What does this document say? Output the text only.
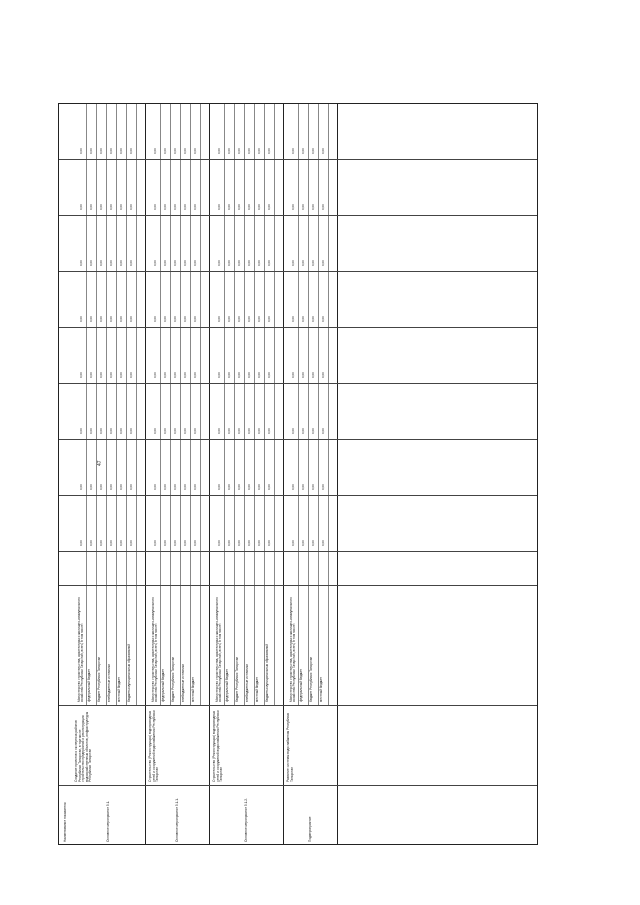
47
Наименование показателя	Основное мероприятие 5.1.
Создание проектов и экспертиза районов Республики Татарстан, в том числе строительство предприятий и реконструкция водохозяйственных объектов, инфраструктуры Республики Татарстан
Министерство строительства, архитектуры и жилищно-коммунального хозяйства Республики Татарстан, всего, в том числе:
0,00
0,00
0,00
0,00
0,00
0,00
0,00
0,00
федеральный бюджет
0,00
0,00
0,00
0,00
0,00
0,00
0,00
0,00
бюджет Республики Татарстан
0,00
0,00
0,00
0,00
0,00
0,00
0,00
0,00
внебюджетные источники
0,00
0,00
0,00
0,00
0,00
0,00
0,00
0,00
местный бюджет
0,00
0,00
0,00
0,00
0,00
0,00
0,00
0,00
бюджеты муниципальных образований
0,00
0,00
0,00
0,00
0,00
0,00
0,00
0,00
Основное мероприятие 5.1.1.
Строительство (Реконструкция) водопроводных сетей и сооружений водоснабжения Республики Татарстан
Министерство строительства, архитектуры и жилищно-коммунального хозяйства Республики Татарстан, всего, в том числе:
0,00
0,00
0,00
0,00
0,00
0,00
0,00
0,00
федеральный бюджет
0,00
0,00
0,00
0,00
0,00
0,00
0,00
0,00
бюджет Республики Татарстан
0,00
0,00
0,00
0,00
0,00
0,00
0,00
0,00
внебюджетные источники
0,00
0,00
0,00
0,00
0,00
0,00
0,00
0,00
местный бюджет
0,00
0,00
0,00
0,00
0,00
0,00
0,00
0,00
Основное мероприятие 5.1.2.
Строительство (Реконструкция) водопроводных сетей и сооружений водоснабжения Республики Татарстан
Министерство строительства, архитектуры и жилищно-коммунального хозяйства Республики Татарстан, всего, в том числе:
0,00
0,00
0,00
0,00
0,00
0,00
0,00
0,00
федеральный бюджет
0,00
0,00
0,00
0,00
0,00
0,00
0,00
0,00
бюджет Республики Татарстан
0,00
0,00
0,00
0,00
0,00
0,00
0,00
0,00
внебюджетные источники
0,00
0,00
0,00
0,00
0,00
0,00
0,00
0,00
местный бюджет
0,00
0,00
0,00
0,00
0,00
0,00
0,00
0,00
бюджеты муниципальных образований
0,00
0,00
0,00
0,00
0,00
0,00
0,00
0,00
Подмероприятие
Развитие системы водоснабжения Республики Татарстан
Министерство строительства, архитектуры и жилищно-коммунального хозяйства Республики Татарстан, всего, в том числе:
0,00
0,00
0,00
0,00
0,00
0,00
0,00
0,00
федеральный бюджет
0,00
0,00
0,00
0,00
0,00
0,00
0,00
0,00
бюджет Республики Татарстан
0,00
0,00
0,00
0,00
0,00
0,00
0,00
0,00
местный бюджет
0,00
0,00
0,00
0,00
0,00
0,00
0,00
0,00
